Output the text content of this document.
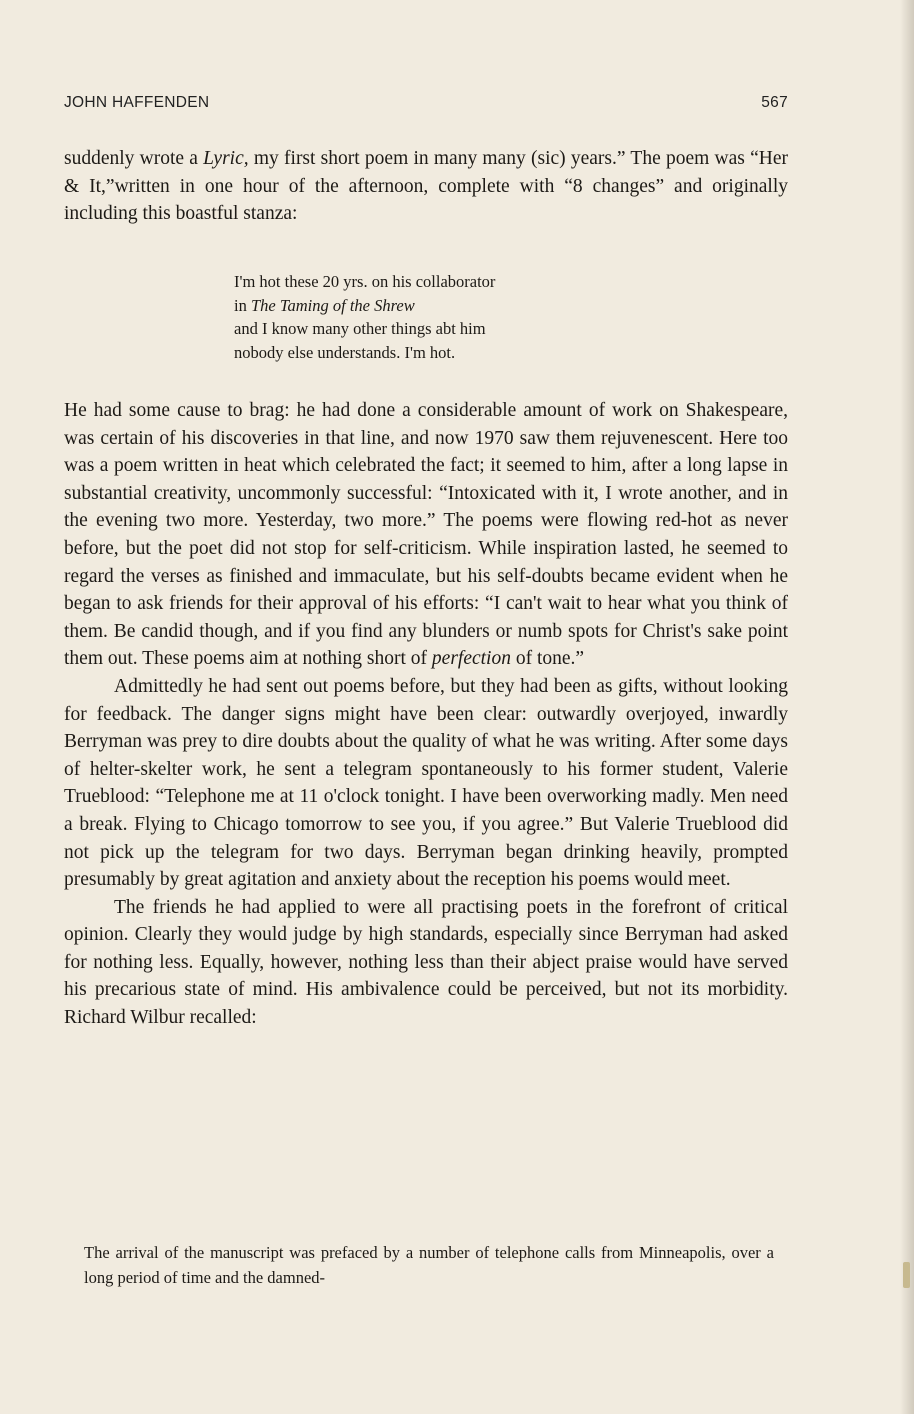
JOHN HAFFENDEN	567

suddenly wrote a Lyric, my first short poem in many many (sic) years.” The poem was “Her & It,”written in one hour of the afternoon, complete with “8 changes” and originally including this boastful stanza:

I'm hot these 20 yrs. on his collaborator
in The Taming of the Shrew
and I know many other things abt him
nobody else understands. I'm hot.

He had some cause to brag: he had done a considerable amount of work on Shakespeare, was certain of his discoveries in that line, and now 1970 saw them rejuvenescent. Here too was a poem written in heat which celebrated the fact; it seemed to him, after a long lapse in substantial creativity, uncommonly successful: “Intoxicated with it, I wrote another, and in the evening two more. Yesterday, two more.” The poems were flowing red-hot as never before, but the poet did not stop for self-criticism. While inspiration lasted, he seemed to regard the verses as finished and immaculate, but his self-doubts became evident when he began to ask friends for their approval of his efforts: “I can't wait to hear what you think of them. Be candid though, and if you find any blunders or numb spots for Christ's sake point them out. These poems aim at nothing short of perfection of tone.”

Admittedly he had sent out poems before, but they had been as gifts, without looking for feedback. The danger signs might have been clear: outwardly overjoyed, inwardly Berryman was prey to dire doubts about the quality of what he was writing. After some days of helter-skelter work, he sent a telegram spontaneously to his former student, Valerie Trueblood: “Telephone me at 11 o'clock tonight. I have been overworking madly. Men need a break. Flying to Chicago tomorrow to see you, if you agree.” But Valerie Trueblood did not pick up the telegram for two days. Berryman began drinking heavily, prompted presumably by great agitation and anxiety about the reception his poems would meet.

The friends he had applied to were all practising poets in the forefront of critical opinion. Clearly they would judge by high standards, especially since Berryman had asked for nothing less. Equally, however, nothing less than their abject praise would have served his precarious state of mind. His ambivalence could be perceived, but not its morbidity. Richard Wilbur recalled:

The arrival of the manuscript was prefaced by a number of telephone calls from Minneapolis, over a long period of time and the damned-
